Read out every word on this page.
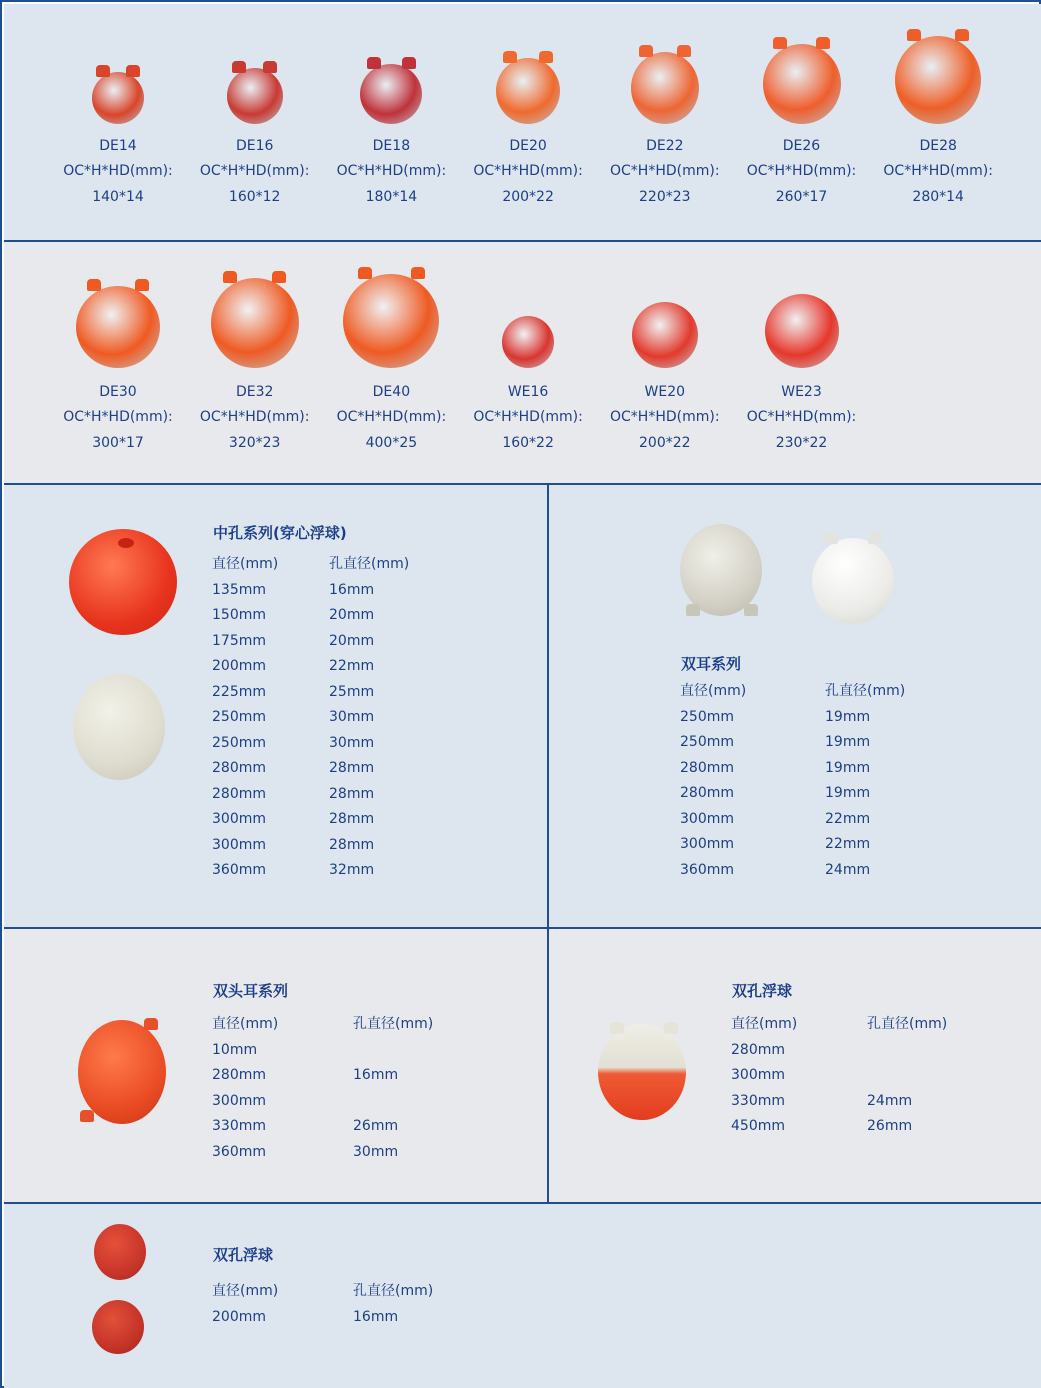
DE14
OC*H*HD(mm):
140*14
DE16
OC*H*HD(mm):
160*12
DE18
OC*H*HD(mm):
180*14
DE20
OC*H*HD(mm):
200*22
DE22
OC*H*HD(mm):
220*23
DE26
OC*H*HD(mm):
260*17
DE28
OC*H*HD(mm):
280*14
DE30
OC*H*HD(mm):
300*17
DE32
OC*H*HD(mm):
320*23
DE40
OC*H*HD(mm):
400*25
WE16
OC*H*HD(mm):
160*22
WE20
OC*H*HD(mm):
200*22
WE23
OC*H*HD(mm):
230*22
中孔系列(穿心浮球)
直径(mm)
135mm
150mm
175mm
200mm
225mm
250mm
250mm
280mm
280mm
300mm
300mm
360mm
孔直径(mm)
16mm
20mm
20mm
22mm
25mm
30mm
30mm
28mm
28mm
28mm
28mm
32mm
双耳系列
直径(mm)
250mm
250mm
280mm
280mm
300mm
300mm
360mm
孔直径(mm)
19mm
19mm
19mm
19mm
22mm
22mm
24mm
双头耳系列
直径(mm)
10mm
280mm
300mm
330mm
360mm
孔直径(mm)

16mm

26mm
30mm
双孔浮球
直径(mm)
280mm
300mm
330mm
450mm
孔直径(mm)

24mm
26mm
双孔浮球
直径(mm)
200mm
孔直径(mm)
16mm
